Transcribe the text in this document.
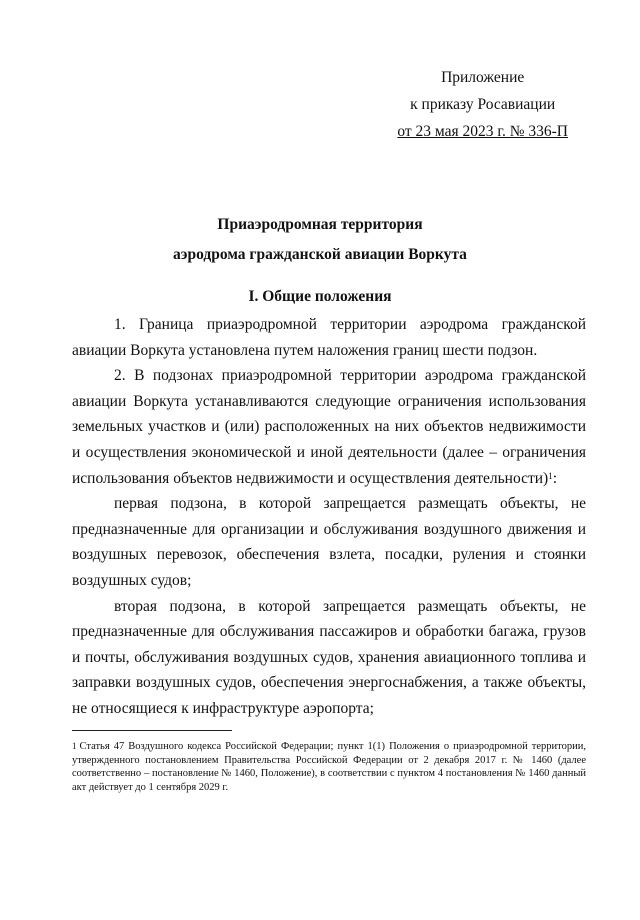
Приложение
к приказу Росавиации
от 23 мая 2023 г. № 336-П
Приаэродромная территория
аэродрома гражданской авиации Воркута
I. Общие положения

1. Граница приаэродромной территории аэродрома гражданской авиации Воркута установлена путем наложения границ шести подзон.

2. В подзонах приаэродромной территории аэродрома гражданской авиации Воркута устанавливаются следующие ограничения использования земельных участков и (или) расположенных на них объектов недвижимости и осуществления экономической и иной деятельности (далее – ограничения использования объектов недвижимости и осуществления деятельности)$^1$:

первая подзона, в которой запрещается размещать объекты, не предназначенные для организации и обслуживания воздушного движения и воздушных перевозок, обеспечения взлета, посадки, руления и стоянки воздушных судов;

вторая подзона, в которой запрещается размещать объекты, не предназначенные для обслуживания пассажиров и обработки багажа, грузов и почты, обслуживания воздушных судов, хранения авиационного топлива и заправки воздушных судов, обеспечения энергоснабжения, а также объекты, не относящиеся к инфраструктуре аэропорта;

1 Статья 47 Воздушного кодекса Российской Федерации; пункт 1(1) Положения о приаэродромной территории, утвержденного постановлением Правительства Российской Федерации от 2 декабря 2017 г. № 1460 (далее соответственно – постановление № 1460, Положение), в соответствии с пунктом 4 постановления № 1460 данный акт действует до 1 сентября 2029 г.
